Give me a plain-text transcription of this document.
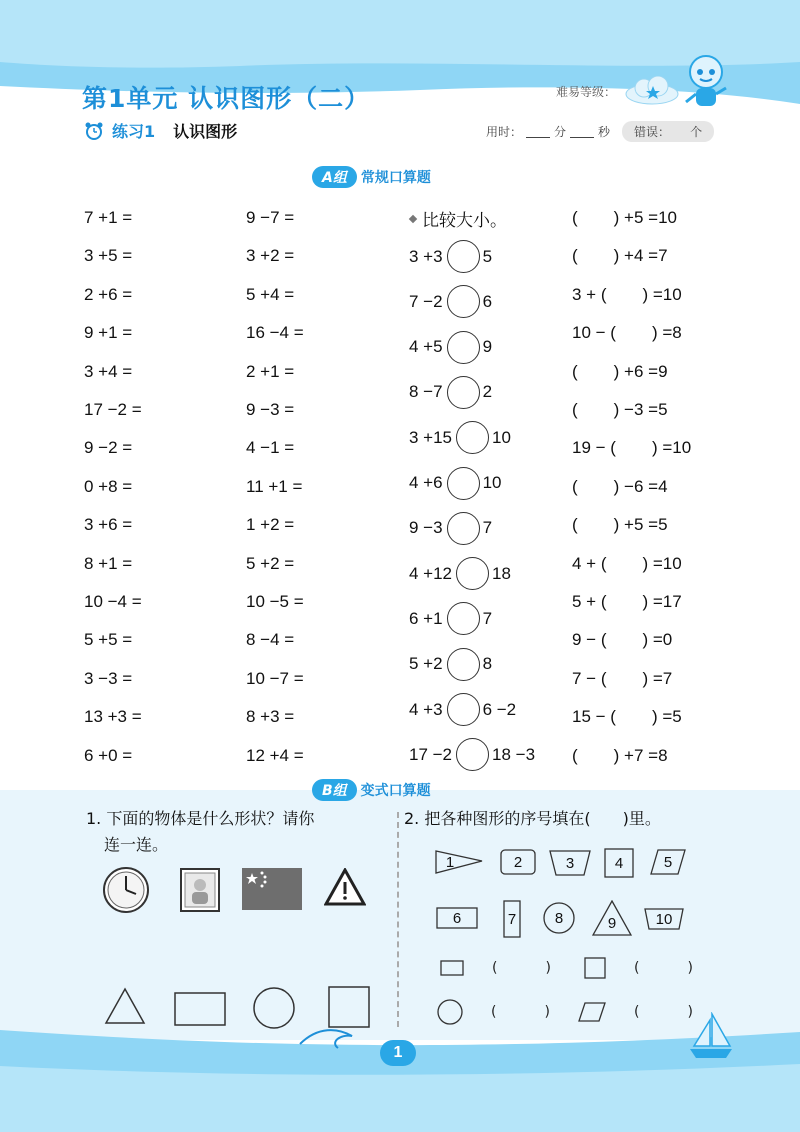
第1单元 认识图形（二）	难易等级：
练习1 认识图形	用时：	分	秒 错误： 个
A组	常规口算题
7 +1 =
3 +5 =
2 +6 =
9 +1 =
3 +4 =
17 −2 =
9 −2 =
0 +8 =
3 +6 =
8 +1 =
10 −4 =
5 +5 =
3 −3 =
13 +3 =
6 +0 =
9 −7 =
3 +2 =
5 +4 =
16 −4 =
2 +1 =
9 −3 =
4 −1 =
11 +1 =
1 +2 =
5 +2 =
10 −5 =
8 −4 =
10 −7 =
8 +3 =
12 +4 =
比较大小。
3 +3 5
7 −2 6
4 +5 9
8 −7 2
3 +15 10
4 +6 10
9 −3 7
4 +12 18
6 +1 7
5 +2 8
4 +3 6 −2
17 −2 18 −3
( ) +5 =10
( ) +4 =7
3 + ( ) =10
10 − ( ) =8
( ) +6 =9
( ) −3 =5
19 − ( ) =10
( ) −6 =4
( ) +5 =5
4 + ( ) =10
5 + ( ) =17
9 − ( ) =0
7 − ( ) =7
15 − ( ) =5
( ) +7 =8
B组	变式口算题
1. 下面的物体是什么形状？请你
连一连。
2. 把各种图形的序号填在(　　)里。
1	2	3	4	5
6	7	8	9	10
(	)	(	)
(	)	(	)
1
